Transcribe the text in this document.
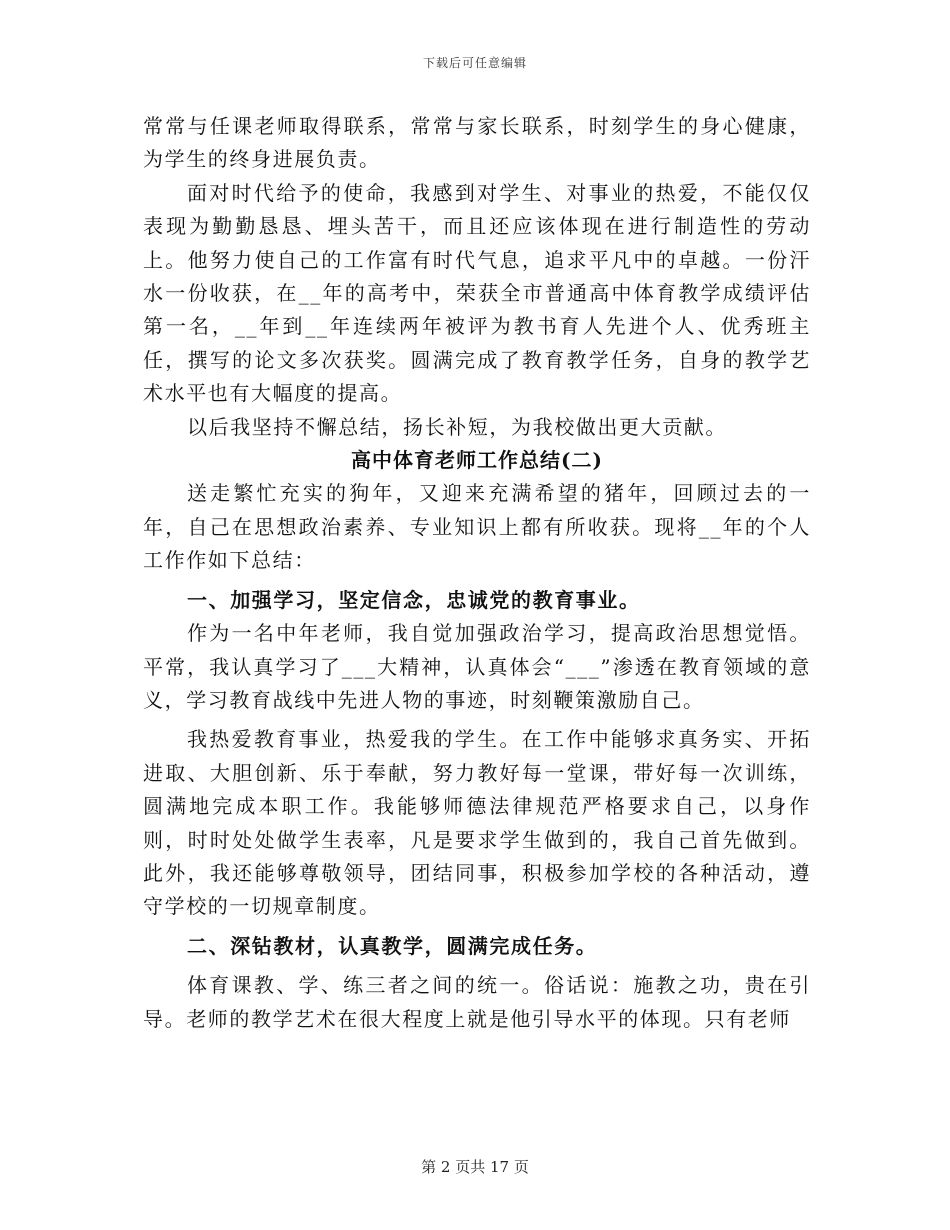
下载后可任意编辑

常常与任课老师取得联系，常常与家长联系，时刻学生的身心健康，为学生的终身进展负责。

面对时代给予的使命，我感到对学生、对事业的热爱，不能仅仅表现为勤勤恳恳、埋头苦干，而且还应该体现在进行制造性的劳动上。他努力使自己的工作富有时代气息，追求平凡中的卓越。一份汗水一份收获，在__年的高考中，荣获全市普通高中体育教学成绩评估第一名，__年到__年连续两年被评为教书育人先进个人、优秀班主任，撰写的论文多次获奖。圆满完成了教育教学任务，自身的教学艺术水平也有大幅度的提高。

以后我坚持不懈总结，扬长补短，为我校做出更大贡献。

高中体育老师工作总结(二)

送走繁忙充实的狗年，又迎来充满希望的猪年，回顾过去的一年，自己在思想政治素养、专业知识上都有所收获。现将__年的个人工作作如下总结：

一、加强学习，坚定信念，忠诚党的教育事业。

作为一名中年老师，我自觉加强政治学习，提高政治思想觉悟。平常，我认真学习了___大精神，认真体会“___”渗透在教育领域的意义，学习教育战线中先进人物的事迹，时刻鞭策激励自己。

我热爱教育事业，热爱我的学生。在工作中能够求真务实、开拓进取、大胆创新、乐于奉献，努力教好每一堂课，带好每一次训练，圆满地完成本职工作。我能够师德法律规范严格要求自己，以身作则，时时处处做学生表率，凡是要求学生做到的，我自己首先做到。此外，我还能够尊敬领导，团结同事，积极参加学校的各种活动，遵守学校的一切规章制度。

二、深钻教材，认真教学，圆满完成任务。

体育课教、学、练三者之间的统一。俗话说：施教之功，贵在引导。老师的教学艺术在很大程度上就是他引导水平的体现。只有老师

第 2 页共 17 页
